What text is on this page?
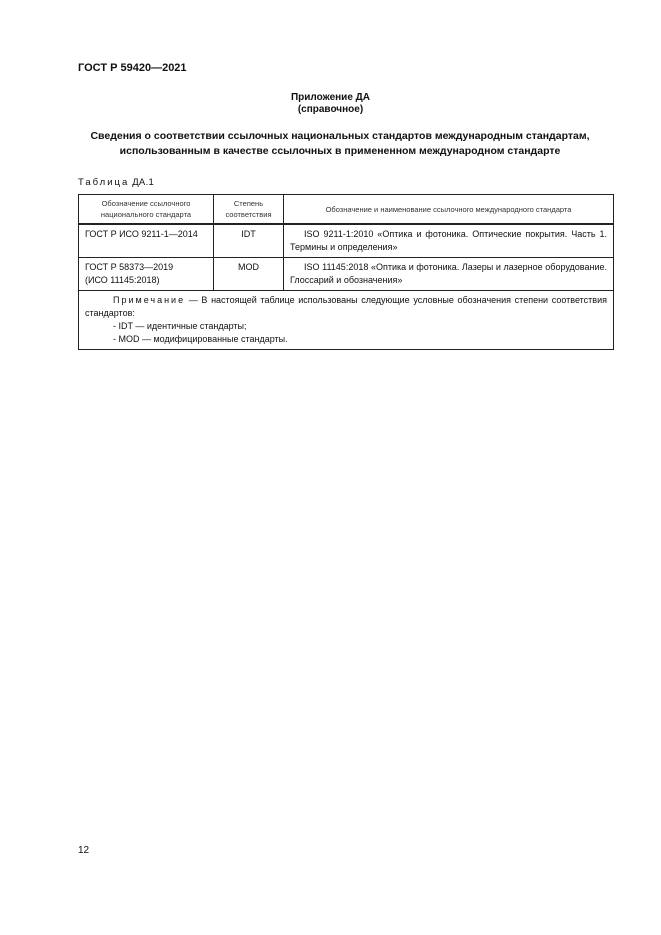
ГОСТ Р 59420—2021
Приложение ДА
(справочное)
Сведения о соответствии ссылочных национальных стандартов международным стандартам, использованным в качестве ссылочных в примененном международном стандарте
Таблица ДА.1
Обозначение ссылочного национального стандарта	Степень соответствия	Обозначение и наименование ссылочного международного стандарта
ГОСТ Р ИСО 9211-1—2014	IDT	ISO 9211-1:2010 «Оптика и фотоника. Оптические покрытия. Часть 1. Термины и определения»

ГОСТ Р 58373—2019
(ИСО 11145:2018)	MOD	ISO 11145:2018 «Оптика и фотоника. Лазеры и лазерное оборудование. Глоссарий и обозначения»

Примечание — В настоящей таблице использованы следующие условные обозначения степени соответствия стандартов:
- IDT — идентичные стандарты;
- MOD — модифицированные стандарты.		
12
